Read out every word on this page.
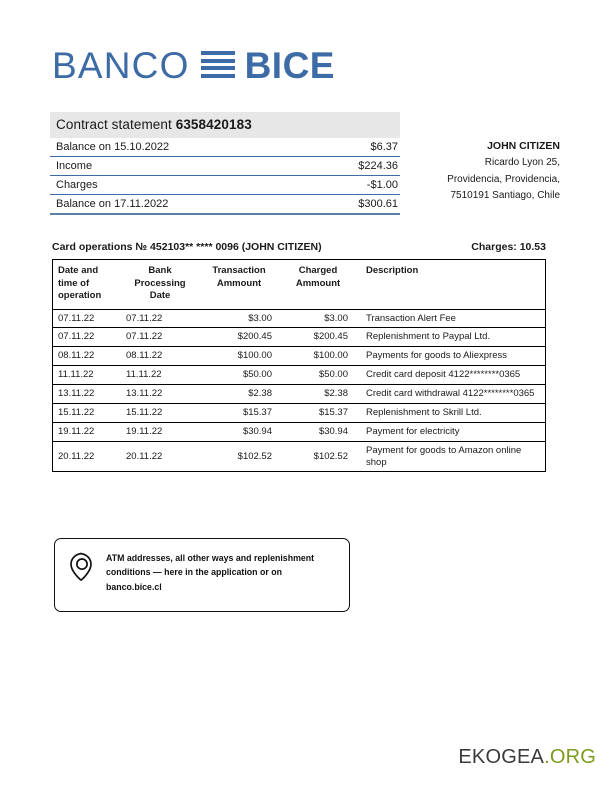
BANCO BICE
Contract statement 6358420183
Balance on 15.10.2022	$6.37
Income	$224.36
Charges	-$1.00
Balance on 17.11.2022	$300.61
JOHN CITIZEN
Ricardo Lyon 25,
Providencia, Providencia,
7510191 Santiago, Chile
Card operations № 452103** **** 0096 (JOHN CITIZEN)	Charges: 10.53
Date and time of operation	Bank Processing Date	Transaction Ammount	Charged Ammount	Description
07.11.22	07.11.22	$3.00	$3.00	Transaction Alert Fee
07.11.22	07.11.22	$200.45	$200.45	Replenishment to Paypal Ltd.
08.11.22	08.11.22	$100.00	$100.00	Payments for goods to Aliexpress
11.11.22	11.11.22	$50.00	$50.00	Credit card deposit 4122********0365
13.11.22	13.11.22	$2.38	$2.38	Credit card withdrawal 4122********0365
15.11.22	15.11.22	$15.37	$15.37	Replenishment to Skrill Ltd.
19.11.22	19.11.22	$30.94	$30.94	Payment for electricity
20.11.22	20.11.22	$102.52	$102.52	Payment for goods to Amazon online shop
ATM addresses, all other ways and replenishment
conditions — here in the application or on
banco.bice.cl
EKOGEA.ORG
